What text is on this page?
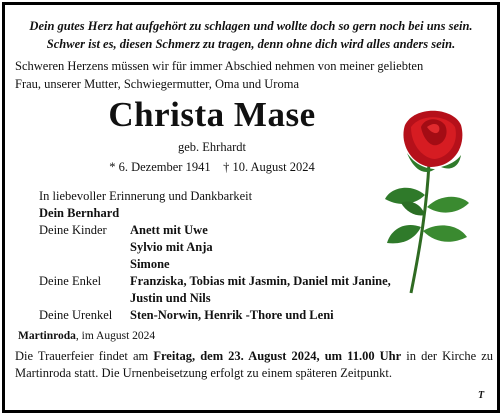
Dein gutes Herz hat aufgehört zu schlagen und wollte doch so gern noch bei uns sein.
Schwer ist es, diesen Schmerz zu tragen, denn ohne dich wird alles anders sein.
Schweren Herzens müssen wir für immer Abschied nehmen von meiner geliebten
Frau, unserer Mutter, Schwiegermutter, Oma und Uroma
Christa Mase
geb. Ehrhardt
* 6. Dezember 1941    † 10. August 2024
In liebevoller Erinnerung und Dankbarkeit
Dein Bernhard
Deine Kinder Anett mit Uwe
Sylvio mit Anja
Simone
Deine Enkel Franziska, Tobias mit Jasmin, Daniel mit Janine,
Justin und Nils
Deine Urenkel Sten-Norwin, Henrik -Thore und Leni
Martinroda, im August 2024
Die Trauerfeier findet am Freitag, dem 23. August 2024, um 11.00 Uhr in der Kirche zu Martinroda statt. Die Urnenbeisetzung erfolgt zu einem späteren Zeitpunkt.
T
